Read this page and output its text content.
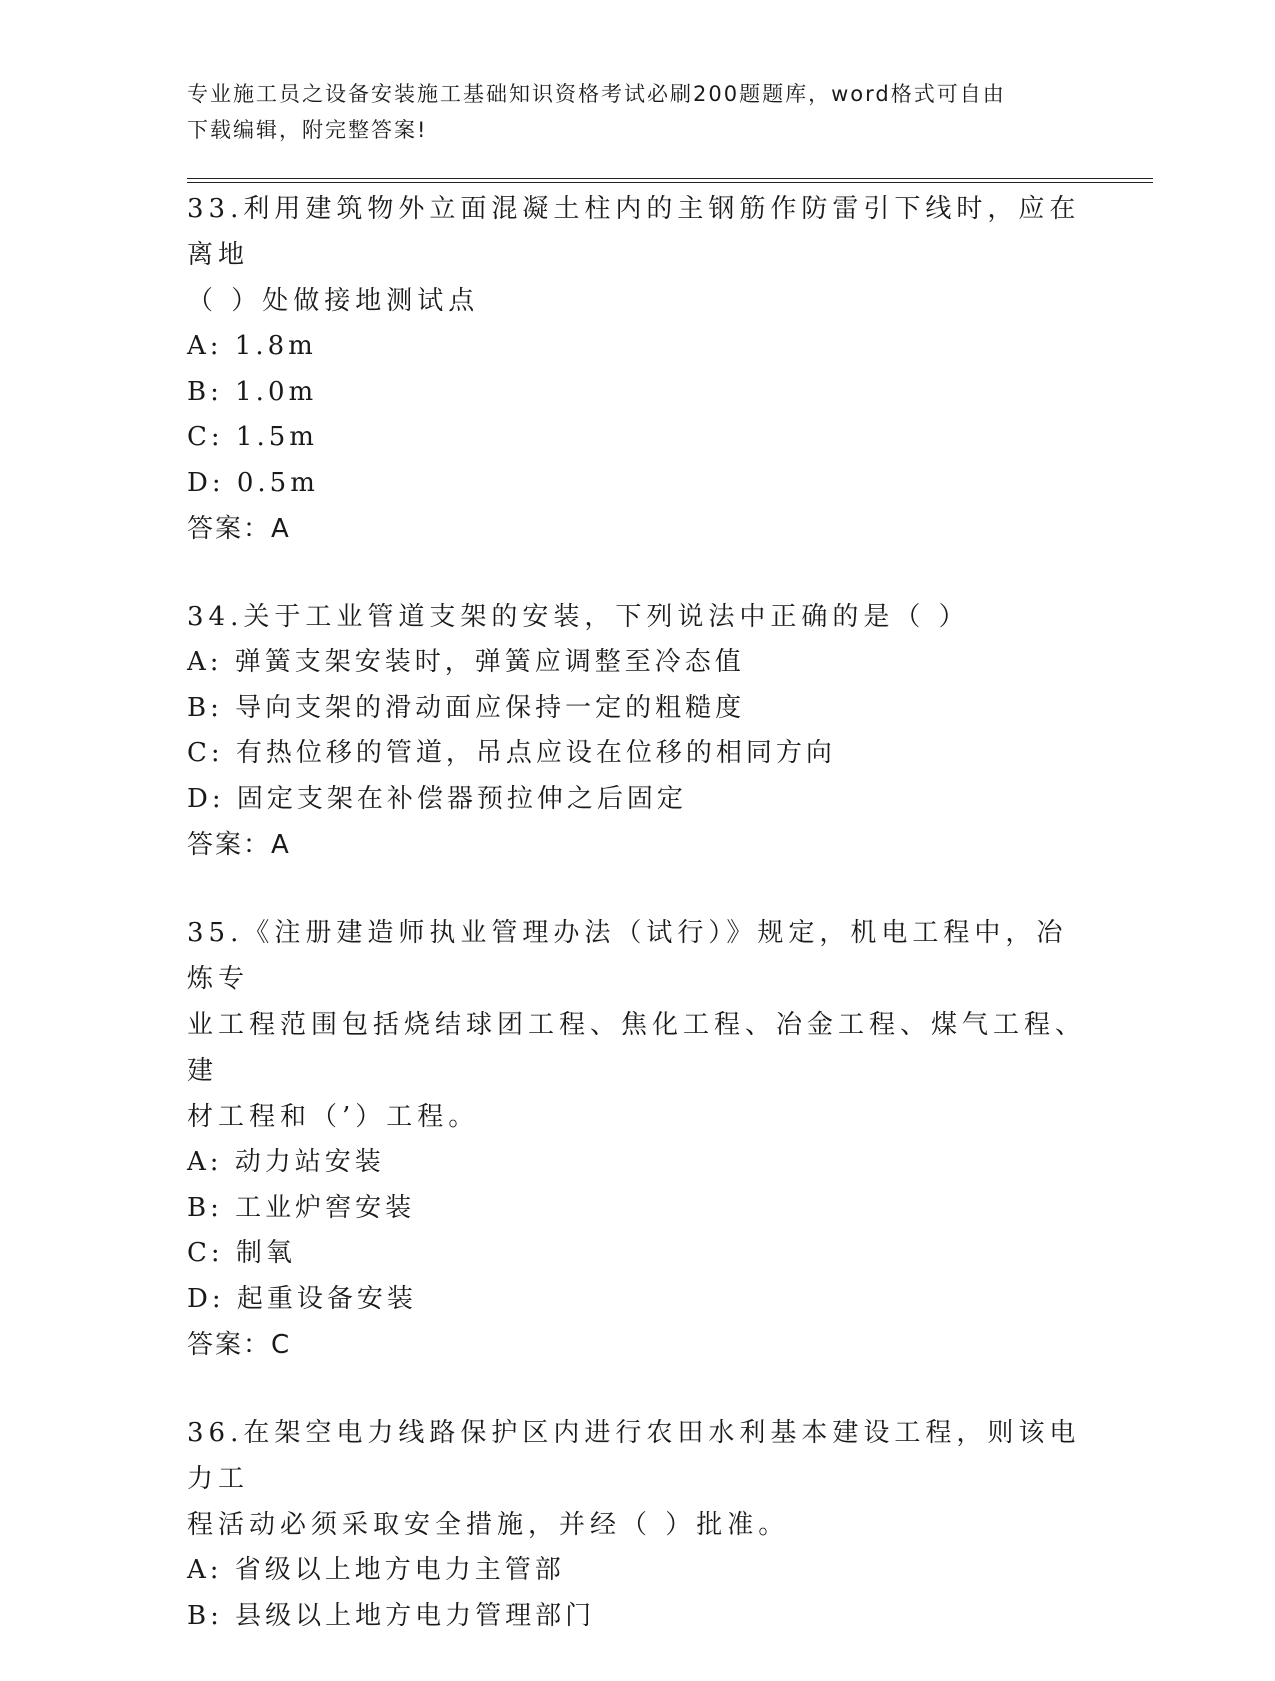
专业施工员之设备安装施工基础知识资格考试必刷200题题库，word格式可自由
下载编辑，附完整答案!

33.利用建筑物外立面混凝土柱内的主钢筋作防雷引下线时，应在离地

（ ）处做接地测试点

A: 1.8m

B: 1.0m

C: 1.5m

D: 0.5m

答案：A

34.关于工业管道支架的安装，下列说法中正确的是（ ）

A: 弹簧支架安装时，弹簧应调整至冷态值

B: 导向支架的滑动面应保持一定的粗糙度

C: 有热位移的管道，吊点应设在位移的相同方向

D: 固定支架在补偿器预拉伸之后固定

答案：A

35.《注册建造师执业管理办法（试行）》规定，机电工程中，冶炼专

业工程范围包括烧结球团工程、焦化工程、冶金工程、煤气工程、建

材工程和（’）工程。

A: 动力站安装

B: 工业炉窖安装

C: 制氧

D: 起重设备安装

答案：C

36.在架空电力线路保护区内进行农田水利基本建设工程，则该电力工

程活动必须采取安全措施，并经（ ）批准。

A: 省级以上地方电力主管部

B: 县级以上地方电力管理部门
